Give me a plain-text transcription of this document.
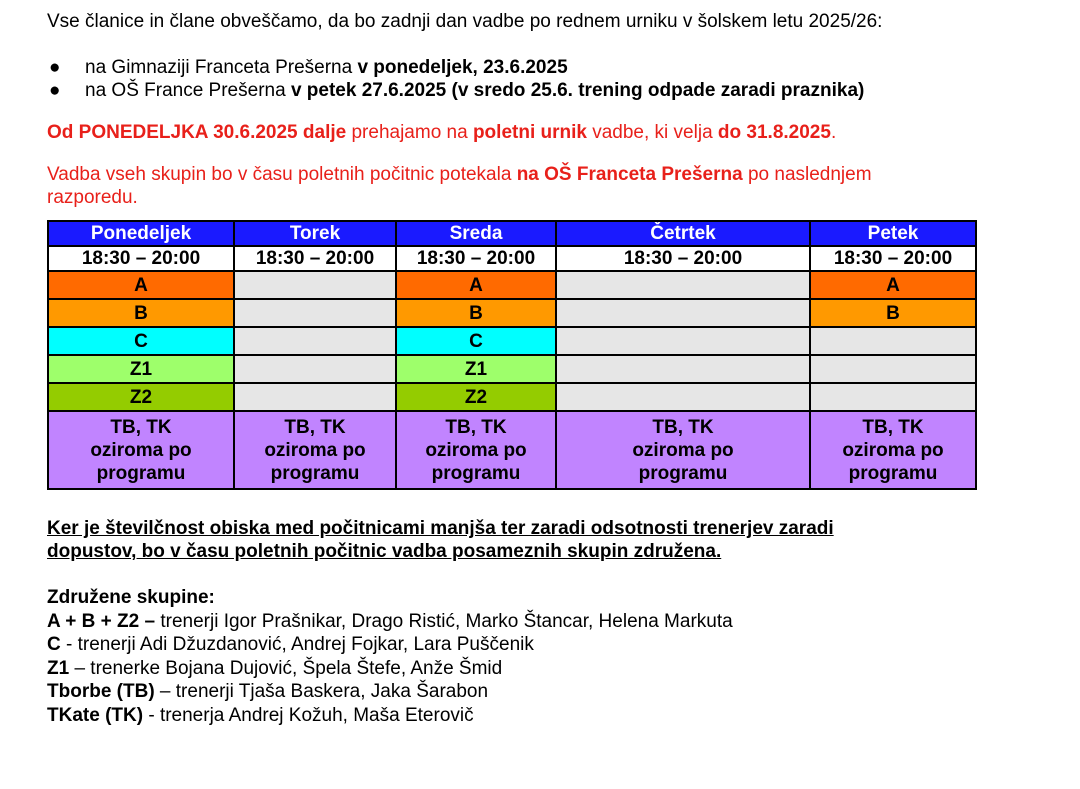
Vse članice in člane obveščamo, da bo zadnji dan vadbe po rednem urniku v šolskem letu 2025/26:

● na Gimnaziji Franceta Prešerna v ponedeljek, 23.6.2025
● na OŠ France Prešerna v petek 27.6.2025 (v sredo 25.6. trening odpade zaradi praznika)

Od PONEDELJKA 30.6.2025 dalje prehajamo na poletni urnik vadbe, ki velja do 31.8.2025.

Vadba vseh skupin bo v času poletnih počitnic potekala na OŠ Franceta Prešerna po naslednjem razporedu.

Ponedeljek	Torek	Sreda	Četrtek	Petek
18:30 – 20:00	18:30 – 20:00	18:30 – 20:00	18:30 – 20:00	18:30 – 20:00
A		A		A
B		B		B
C		C		
Z1		Z1		
Z2		Z2		

TB, TK
oziroma po
programu	TB, TK
oziroma po
programu	TB, TK
oziroma po
programu	TB, TK
oziroma po
programu	TB, TK
oziroma po
programu

Ker je številčnost obiska med počitnicami manjša ter zaradi odsotnosti trenerjev zaradi dopustov, bo v času poletnih počitnic vadba posameznih skupin združena.

Združene skupine:

A + B + Z2 – trenerji Igor Prašnikar, Drago Ristić, Marko Štancar, Helena Markuta

C - trenerji Adi Džuzdanović, Andrej Fojkar, Lara Puščenik

Z1 – trenerke Bojana Dujović, Špela Štefe, Anže Šmid

Tborbe (TB) – trenerji Tjaša Baskera, Jaka Šarabon

TKate (TK) - trenerja Andrej Kožuh, Maša Eterovič
